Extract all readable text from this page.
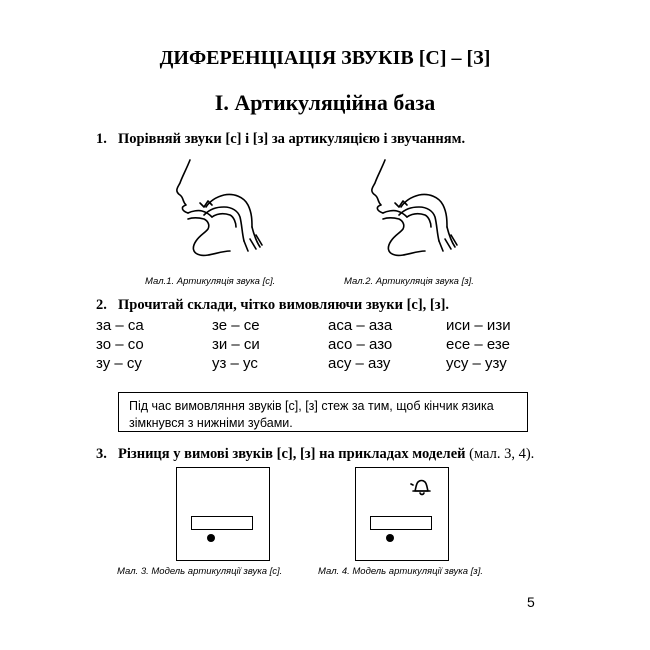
ДИФЕРЕНЦІАЦІЯ ЗВУКІВ [С] – [З]
І. Артикуляційна база
1. Порівняй звуки [с] і [з] за артикуляцією і звучанням.
Мал.1. Артикуляція звука [с].	Мал.2. Артикуляція звука [з].
2. Прочитай склади, чітко вимовляючи звуки [с], [з].
за – са	зе – се	аса – аза	иси – изи
зо – со	зи – си	асо – азо	есе – езе
зу – су	уз – ус	асу – азу	усу – узу
Під час вимовляння звуків [с], [з] стеж за тим, щоб кінчик язика зімкнувся з нижніми зубами.
3. Різниця у вимові звуків [с], [з] на прикладах моделей (мал. 3, 4).
Мал. 3. Модель артикуляції звука [с].	Мал. 4. Модель артикуляції звука [з].
5
